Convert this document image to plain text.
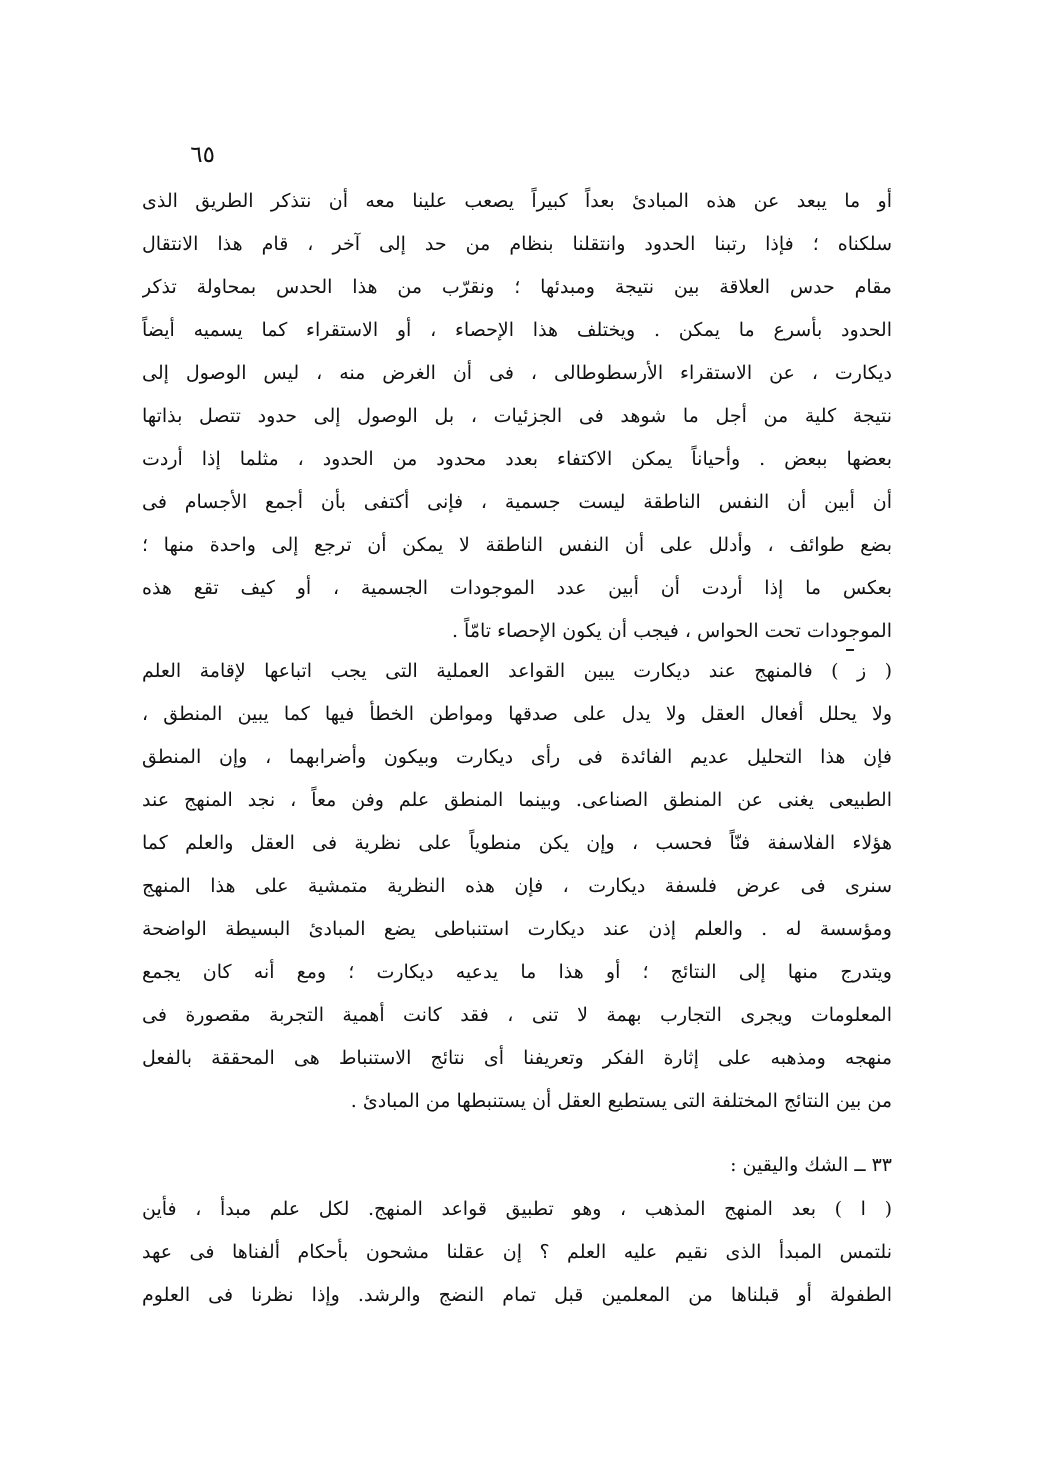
٦٥
أو ما يبعد عن هذه المبادئ بعداً كبيراً يصعب علينا معه أن نتذكر الطريق الذى
سلكناه ؛ فإذا رتبنا الحدود وانتقلنا بنظام من حد إلى آخر ، قام هذا الانتقال
مقام حدس العلاقة بين نتيجة ومبدئها ؛ ونقرّب من هذا الحدس بمحاولة تذكر
الحدود بأسرع ما يمكن . ويختلف هذا الإحصاء ، أو الاستقراء كما يسميه أيضاً
ديكارت ، عن الاستقراء الأرسطوطالى ، فى أن الغرض منه ، ليس الوصول إلى
نتيجة كلية من أجل ما شوهد فى الجزئيات ، بل الوصول إلى حدود تتصل بذاتها
بعضها ببعض . وأحياناً يمكن الاكتفاء بعدد محدود من الحدود ، مثلما إذا أردت
أن أبين أن النفس الناطقة ليست جسمية ، فإنى أكتفى بأن أجمع الأجسام فى
بضع طوائف ، وأدلل على أن النفس الناطقة لا يمكن أن ترجع إلى واحدة منها ؛
بعكس ما إذا أردت أن أبين عدد الموجودات الجسمية ، أو كيف تقع هذه
الموجودات تحت الحواس ، فيجب أن يكون الإحصاء تامّاً .
( ز ) فالمنهج عند ديكارت يبين القواعد العملية التى يجب اتباعها لإقامة العلم
ولا يحلل أفعال العقل ولا يدل على صدقها ومواطن الخطأ فيها كما يبين المنطق ،
فإن هذا التحليل عديم الفائدة فى رأى ديكارت وبيكون وأضرابهما ، وإن المنطق
الطبيعى يغنى عن المنطق الصناعى. وبينما المنطق علم وفن معاً ، نجد المنهج عند
هؤلاء الفلاسفة فنّاً فحسب ، وإن يكن منطوياً على نظرية فى العقل والعلم كما
سنرى فى عرض فلسفة ديكارت ، فإن هذه النظرية متمشية على هذا المنهج
ومؤسسة له . والعلم إذن عند ديكارت استنباطى يضع المبادئ البسيطة الواضحة
ويتدرج منها إلى النتائج ؛ أو هذا ما يدعيه ديكارت ؛ ومع أنه كان يجمع
المعلومات ويجرى التجارب بهمة لا تنى ، فقد كانت أهمية التجربة مقصورة فى
منهجه ومذهبه على إثارة الفكر وتعريفنا أى نتائج الاستنباط هى المحققة بالفعل
من بين النتائج المختلفة التى يستطيع العقل أن يستنبطها من المبادئ .
٣٣ ــ الشك واليقين :
( ا ) بعد المنهج المذهب ، وهو تطبيق قواعد المنهج. لكل علم مبدأ ، فأين
نلتمس المبدأ الذى نقيم عليه العلم ؟ إن عقلنا مشحون بأحكام ألفناها فى عهد
الطفولة أو قبلناها من المعلمين قبل تمام النضج والرشد. وإذا نظرنا فى العلوم
